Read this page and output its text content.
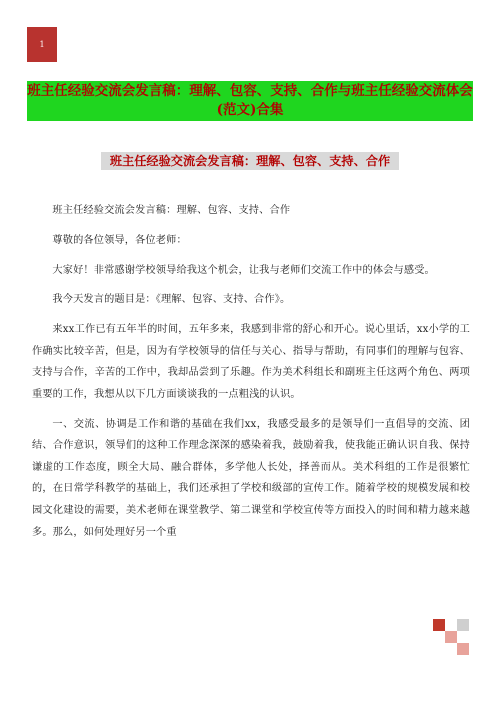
1
班主任经验交流会发言稿：理解、包容、支持、合作与班主任经验交流体会(范文)合集
班主任经验交流会发言稿：理解、包容、支持、合作

班主任经验交流会发言稿：理解、包容、支持、合作

尊敬的各位领导，各位老师：

大家好！非常感谢学校领导给我这个机会，让我与老师们交流工作中的体会与感受。

我今天发言的题目是：《理解、包容、支持、合作》。

来xx工作已有五年半的时间，五年多来，我感到非常的舒心和开心。说心里话，xx小学的工作确实比较辛苦，但是，因为有学校领导的信任与关心、指导与帮助，有同事们的理解与包容、支持与合作，辛苦的工作中，我却品尝到了乐趣。作为美术科组长和副班主任这两个角色、两项重要的工作，我想从以下几方面谈谈我的一点粗浅的认识。

一、交流、协调是工作和谐的基础在我们xx，我感受最多的是领导们一直倡导的交流、团结、合作意识，领导们的这种工作理念深深的感染着我，鼓励着我，使我能正确认识自我、保持谦虚的工作态度，顾全大局、融合群体，多学他人长处，择善而从。美术科组的工作是很繁忙的，在日常学科教学的基础上，我们还承担了学校和级部的宣传工作。随着学校的规模发展和校园文化建设的需要，美术老师在课堂教学、第二课堂和学校宣传等方面投入的时间和精力越来越多。那么，如何处理好另一个重
